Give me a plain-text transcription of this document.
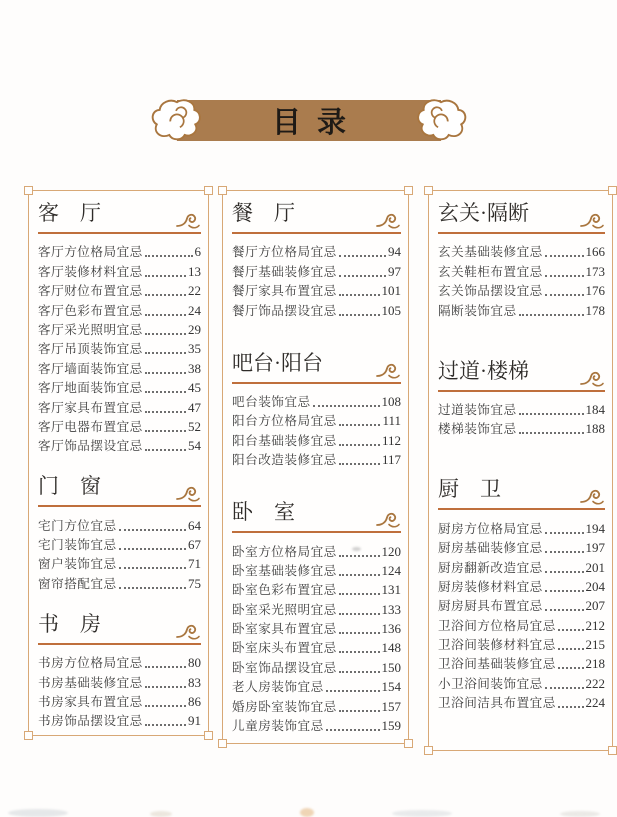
目录
客　厅
客厅方位格局宜忌	6
客厅装修材料宜忌	13
客厅财位布置宜忌	22
客厅色彩布置宜忌	24
客厅采光照明宜忌	29
客厅吊顶装饰宜忌	35
客厅墙面装饰宜忌	38
客厅地面装饰宜忌	45
客厅家具布置宜忌	47
客厅电器布置宜忌	52
客厅饰品摆设宜忌	54
门　窗
宅门方位宜忌	64
宅门装饰宜忌	67
窗户装饰宜忌	71
窗帘搭配宜忌	75
书　房
书房方位格局宜忌	80
书房基础装修宜忌	83
书房家具布置宜忌	86
书房饰品摆设宜忌	91
餐　厅
餐厅方位格局宜忌	94
餐厅基础装修宜忌	97
餐厅家具布置宜忌	101
餐厅饰品摆设宜忌	105
吧台·阳台
吧台装饰宜忌	108
阳台方位格局宜忌	111
阳台基础装修宜忌	112
阳台改造装修宜忌	117
卧　室
卧室方位格局宜忌	120
卧室基础装修宜忌	124
卧室色彩布置宜忌	131
卧室采光照明宜忌	133
卧室家具布置宜忌	136
卧室床头布置宜忌	148
卧室饰品摆设宜忌	150
老人房装饰宜忌	154
婚房卧室装饰宜忌	157
儿童房装饰宜忌	159
玄关·隔断
玄关基础装修宜忌	166
玄关鞋柜布置宜忌	173
玄关饰品摆设宜忌	176
隔断装饰宜忌	178
过道·楼梯
过道装饰宜忌	184
楼梯装饰宜忌	188
厨　卫
厨房方位格局宜忌	194
厨房基础装修宜忌	197
厨房翻新改造宜忌	201
厨房装修材料宜忌	204
厨房厨具布置宜忌	207
卫浴间方位格局宜忌 212
卫浴间装修材料宜忌 215
卫浴间基础装修宜忌 218
小卫浴间装饰宜忌	222
卫浴间洁具布置宜忌 224
